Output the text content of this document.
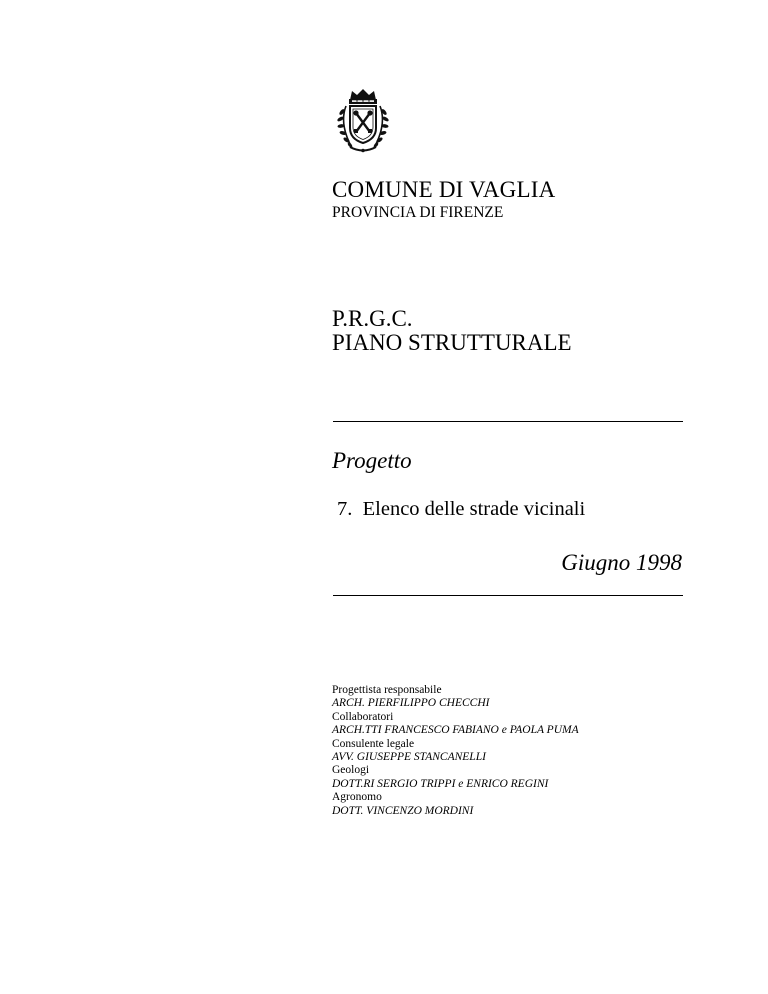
COMUNE DI VAGLIA
PROVINCIA DI FIRENZE
P.R.G.C.
PIANO STRUTTURALE
Progetto
7.  Elenco delle strade vicinali
Giugno 1998
Progettista responsabile
ARCH. PIERFILIPPO CHECCHI
Collaboratori
ARCH.TTI FRANCESCO FABIANO e PAOLA PUMA
Consulente legale
AVV. GIUSEPPE STANCANELLI
Geologi
DOTT.RI SERGIO TRIPPI e ENRICO REGINI
Agronomo
DOTT. VINCENZO MORDINI
